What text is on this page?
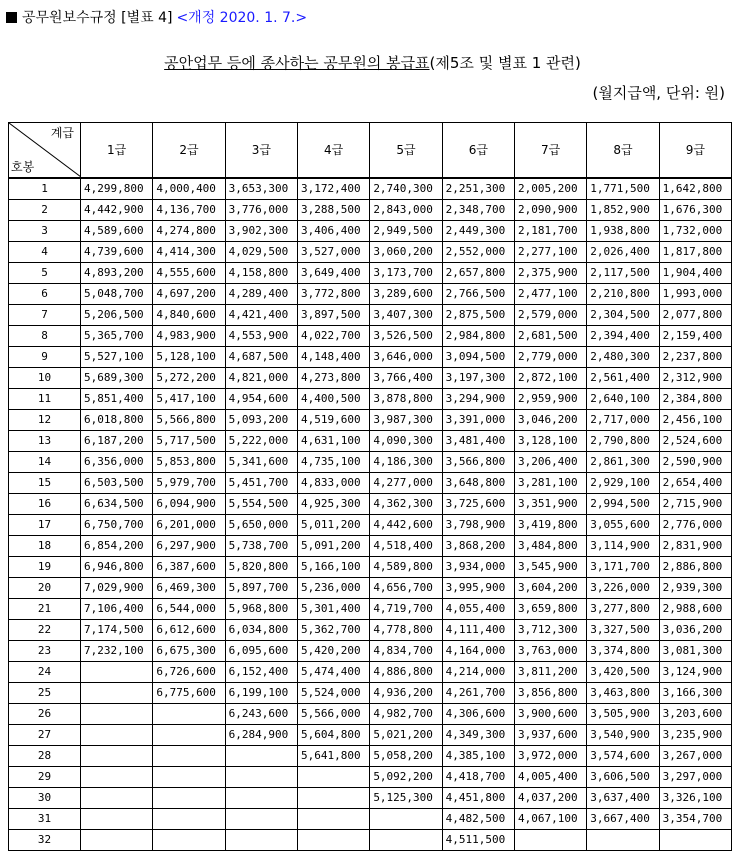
공무원보수규정 [별표 4] <개정 2020. 1. 7.>
공안업무 등에 종사하는 공무원의 봉급표(제5조 및 별표 1 관련)
(월지급액, 단위: 원)
계급
호봉	1급	2급	3급	4급	5급	6급	7급	8급	9급
1	4,299,800	4,000,400	3,653,300	3,172,400	2,740,300	2,251,300	2,005,200	1,771,500	1,642,800
2	4,442,900	4,136,700	3,776,000	3,288,500	2,843,000	2,348,700	2,090,900	1,852,900	1,676,300
3	4,589,600	4,274,800	3,902,300	3,406,400	2,949,500	2,449,300	2,181,700	1,938,800	1,732,000
4	4,739,600	4,414,300	4,029,500	3,527,000	3,060,200	2,552,000	2,277,100	2,026,400	1,817,800
5	4,893,200	4,555,600	4,158,800	3,649,400	3,173,700	2,657,800	2,375,900	2,117,500	1,904,400
6	5,048,700	4,697,200	4,289,400	3,772,800	3,289,600	2,766,500	2,477,100	2,210,800	1,993,000
7	5,206,500	4,840,600	4,421,400	3,897,500	3,407,300	2,875,500	2,579,000	2,304,500	2,077,800
8	5,365,700	4,983,900	4,553,900	4,022,700	3,526,500	2,984,800	2,681,500	2,394,400	2,159,400
9	5,527,100	5,128,100	4,687,500	4,148,400	3,646,000	3,094,500	2,779,000	2,480,300	2,237,800
10	5,689,300	5,272,200	4,821,000	4,273,800	3,766,400	3,197,300	2,872,100	2,561,400	2,312,900
11	5,851,400	5,417,100	4,954,600	4,400,500	3,878,800	3,294,900	2,959,900	2,640,100	2,384,800
12	6,018,800	5,566,800	5,093,200	4,519,600	3,987,300	3,391,000	3,046,200	2,717,000	2,456,100
13	6,187,200	5,717,500	5,222,000	4,631,100	4,090,300	3,481,400	3,128,100	2,790,800	2,524,600
14	6,356,000	5,853,800	5,341,600	4,735,100	4,186,300	3,566,800	3,206,400	2,861,300	2,590,900
15	6,503,500	5,979,700	5,451,700	4,833,000	4,277,000	3,648,800	3,281,100	2,929,100	2,654,400
16	6,634,500	6,094,900	5,554,500	4,925,300	4,362,300	3,725,600	3,351,900	2,994,500	2,715,900
17	6,750,700	6,201,000	5,650,000	5,011,200	4,442,600	3,798,900	3,419,800	3,055,600	2,776,000
18	6,854,200	6,297,900	5,738,700	5,091,200	4,518,400	3,868,200	3,484,800	3,114,900	2,831,900
19	6,946,800	6,387,600	5,820,800	5,166,100	4,589,800	3,934,000	3,545,900	3,171,700	2,886,800
20	7,029,900	6,469,300	5,897,700	5,236,000	4,656,700	3,995,900	3,604,200	3,226,000	2,939,300
21	7,106,400	6,544,000	5,968,800	5,301,400	4,719,700	4,055,400	3,659,800	3,277,800	2,988,600
22	7,174,500	6,612,600	6,034,800	5,362,700	4,778,800	4,111,400	3,712,300	3,327,500	3,036,200
23	7,232,100	6,675,300	6,095,600	5,420,200	4,834,700	4,164,000	3,763,000	3,374,800	3,081,300
24		6,726,600	6,152,400	5,474,400	4,886,800	4,214,000	3,811,200	3,420,500	3,124,900
25		6,775,600	6,199,100	5,524,000	4,936,200	4,261,700	3,856,800	3,463,800	3,166,300
26			6,243,600	5,566,000	4,982,700	4,306,600	3,900,600	3,505,900	3,203,600
27			6,284,900	5,604,800	5,021,200	4,349,300	3,937,600	3,540,900	3,235,900
28				5,641,800	5,058,200	4,385,100	3,972,000	3,574,600	3,267,000
29					5,092,200	4,418,700	4,005,400	3,606,500	3,297,000
30					5,125,300	4,451,800	4,037,200	3,637,400	3,326,100
31						4,482,500	4,067,100	3,667,400	3,354,700
32						4,511,500			
